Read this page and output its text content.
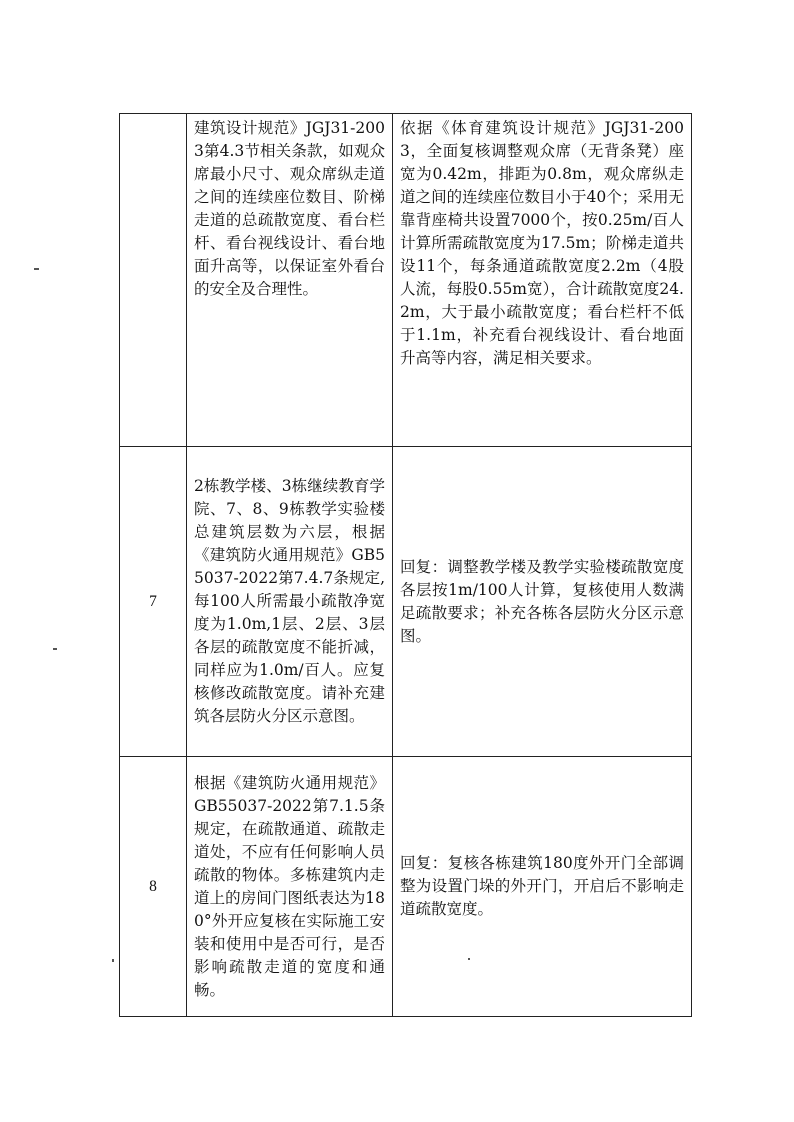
	建筑设计规范》JGJ31-2003第4.3节相关条款，如观众席最小尺寸、观众席纵走道之间的连续座位数目、阶梯走道的总疏散宽度、看台栏杆、看台视线设计、看台地面升高等，以保证室外看台的安全及合理性。	依据《体育建筑设计规范》JGJ31-2003，全面复核调整观众席（无背条凳）座宽为0.42m，排距为0.8m，观众席纵走道之间的连续座位数目小于40个；采用无靠背座椅共设置7000个，按0.25m/百人计算所需疏散宽度为17.5m；阶梯走道共设11个，每条通道疏散宽度2.2m（4股人流，每股0.55m宽），合计疏散宽度24.2m，大于最小疏散宽度；看台栏杆不低于1.1m，补充看台视线设计、看台地面升高等内容，满足相关要求。
7	2栋教学楼、3栋继续教育学院、7、8、9栋教学实验楼总建筑层数为六层，根据《建筑防火通用规范》GB55037-2022第7.4.7条规定,每100人所需最小疏散净宽度为1.0m,1层、2层、3层各层的疏散宽度不能折减，同样应为1.0m/百人。应复核修改疏散宽度。请补充建筑各层防火分区示意图。	回复：调整教学楼及教学实验楼疏散宽度各层按1m/100人计算，复核使用人数满足疏散要求；补充各栋各层防火分区示意图。
8	根据《建筑防火通用规范》GB55037-2022第7.1.5条规定，在疏散通道、疏散走道处，不应有任何影响人员疏散的物体。多栋建筑内走道上的房间门图纸表达为180°外开应复核在实际施工安装和使用中是否可行，是否影响疏散走道的宽度和通畅。	回复：复核各栋建筑180度外开门全部调整为设置门垛的外开门，开启后不影响走道疏散宽度。
